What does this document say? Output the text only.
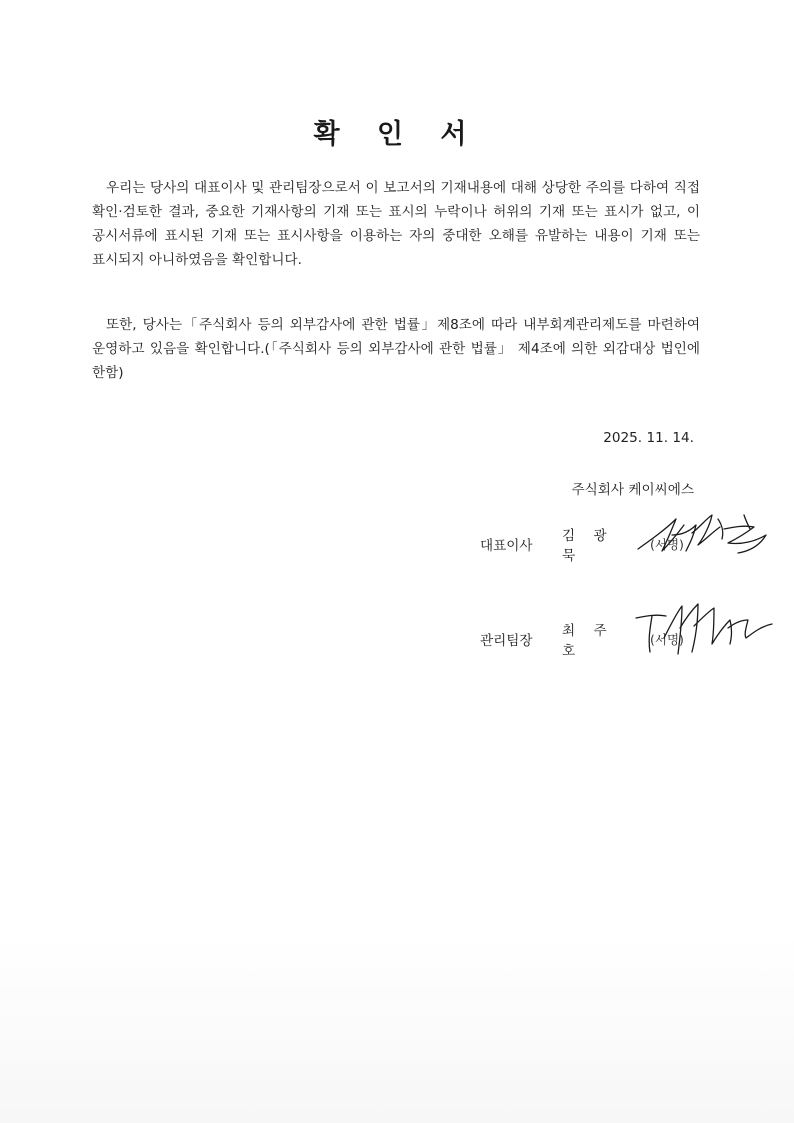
확 인 서

우리는 당사의 대표이사 및 관리팀장으로서 이 보고서의 기재내용에 대해 상당한 주의를 다하여 직접 확인·검토한 결과, 중요한 기재사항의 기재 또는 표시의 누락이나 허위의 기재 또는 표시가 없고, 이 공시서류에 표시된 기재 또는 표시사항을 이용하는 자의 중대한 오해를 유발하는 내용이 기재 또는 표시되지 아니하였음을 확인합니다.

또한, 당사는「주식회사 등의 외부감사에 관한 법률」제8조에 따라 내부회계관리제도를 마련하여 운영하고 있음을 확인합니다.(「주식회사 등의 외부감사에 관한 법률」 제4조에 의한 외감대상 법인에 한함)

2025. 11. 14.
주식회사 케이씨에스
대표이사
김 광 묵
(서명)
관리팀장
최 주 호
(서명)
